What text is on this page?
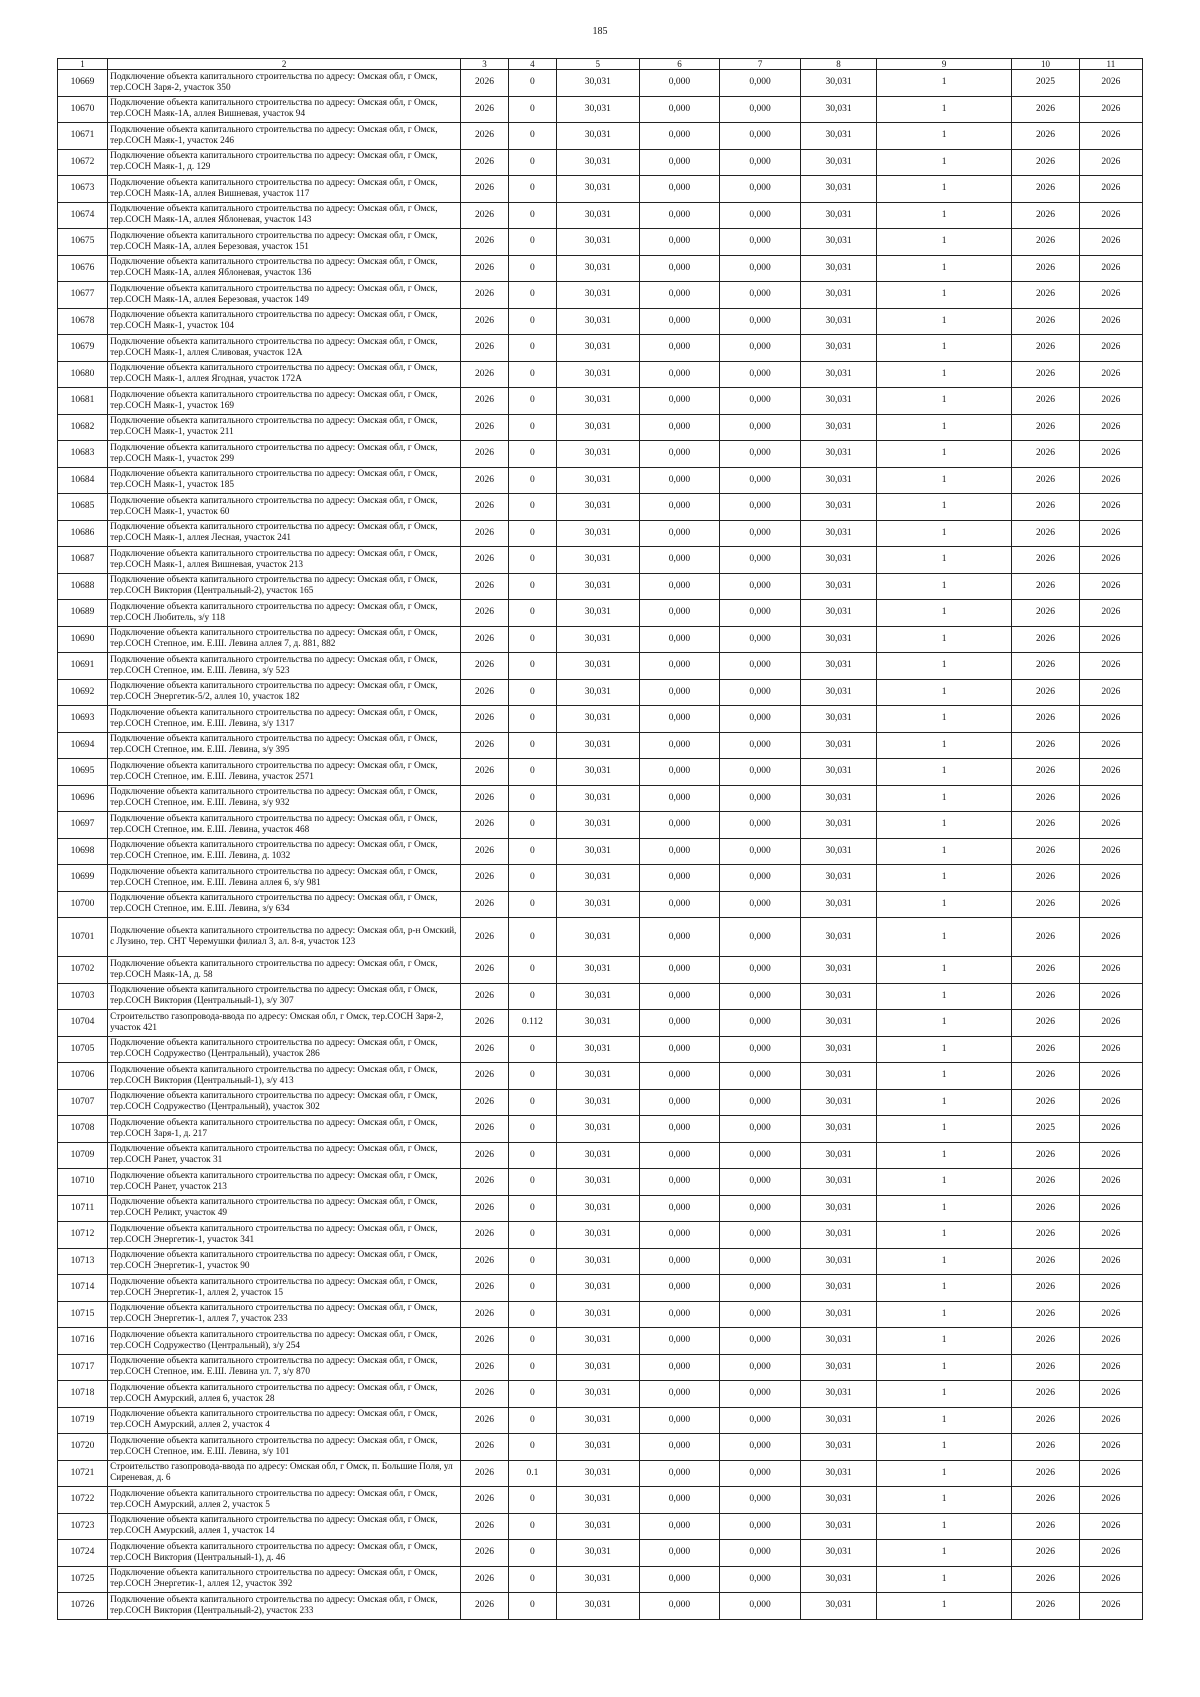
185
1	2	3	4	5	6	7	8	9	10	11
10669	Подключение объекта капитального строительства по адресу: Омская обл, г Омск, тер.СОСН Заря-2, участок 350	2026	0	30,031	0,000	0,000	30,031	1	2025	2026
10670	Подключение объекта капитального строительства по адресу: Омская обл, г Омск, тер.СОСН Маяк-1А, аллея Вишневая, участок 94	2026	0	30,031	0,000	0,000	30,031	1	2026	2026
10671	Подключение объекта капитального строительства по адресу: Омская обл, г Омск, тер.СОСН Маяк-1, участок 246	2026	0	30,031	0,000	0,000	30,031	1	2026	2026
10672	Подключение объекта капитального строительства по адресу: Омская обл, г Омск, тер.СОСН Маяк-1, д. 129	2026	0	30,031	0,000	0,000	30,031	1	2026	2026
10673	Подключение объекта капитального строительства по адресу: Омская обл, г Омск, тер.СОСН Маяк-1А, аллея Вишневая, участок 117	2026	0	30,031	0,000	0,000	30,031	1	2026	2026
10674	Подключение объекта капитального строительства по адресу: Омская обл, г Омск, тер.СОСН Маяк-1А, аллея Яблоневая, участок 143	2026	0	30,031	0,000	0,000	30,031	1	2026	2026
10675	Подключение объекта капитального строительства по адресу: Омская обл, г Омск, тер.СОСН Маяк-1А, аллея Березовая, участок 151	2026	0	30,031	0,000	0,000	30,031	1	2026	2026
10676	Подключение объекта капитального строительства по адресу: Омская обл, г Омск, тер.СОСН Маяк-1А, аллея Яблоневая, участок 136	2026	0	30,031	0,000	0,000	30,031	1	2026	2026
10677	Подключение объекта капитального строительства по адресу: Омская обл, г Омск, тер.СОСН Маяк-1А, аллея Березовая, участок 149	2026	0	30,031	0,000	0,000	30,031	1	2026	2026
10678	Подключение объекта капитального строительства по адресу: Омская обл, г Омск, тер.СОСН Маяк-1, участок 104	2026	0	30,031	0,000	0,000	30,031	1	2026	2026
10679	Подключение объекта капитального строительства по адресу: Омская обл, г Омск, тер.СОСН Маяк-1, аллея Сливовая, участок 12А	2026	0	30,031	0,000	0,000	30,031	1	2026	2026
10680	Подключение объекта капитального строительства по адресу: Омская обл, г Омск, тер.СОСН Маяк-1, аллея Ягодная, участок 172А	2026	0	30,031	0,000	0,000	30,031	1	2026	2026
10681	Подключение объекта капитального строительства по адресу: Омская обл, г Омск, тер.СОСН Маяк-1, участок 169	2026	0	30,031	0,000	0,000	30,031	1	2026	2026
10682	Подключение объекта капитального строительства по адресу: Омская обл, г Омск, тер.СОСН Маяк-1, участок 211	2026	0	30,031	0,000	0,000	30,031	1	2026	2026
10683	Подключение объекта капитального строительства по адресу: Омская обл, г Омск, тер.СОСН Маяк-1, участок 299	2026	0	30,031	0,000	0,000	30,031	1	2026	2026
10684	Подключение объекта капитального строительства по адресу: Омская обл, г Омск, тер.СОСН Маяк-1, участок 185	2026	0	30,031	0,000	0,000	30,031	1	2026	2026
10685	Подключение объекта капитального строительства по адресу: Омская обл, г Омск, тер.СОСН Маяк-1, участок 60	2026	0	30,031	0,000	0,000	30,031	1	2026	2026
10686	Подключение объекта капитального строительства по адресу: Омская обл, г Омск, тер.СОСН Маяк-1, аллея Лесная, участок 241	2026	0	30,031	0,000	0,000	30,031	1	2026	2026
10687	Подключение объекта капитального строительства по адресу: Омская обл, г Омск, тер.СОСН Маяк-1, аллея Вишневая, участок 213	2026	0	30,031	0,000	0,000	30,031	1	2026	2026
10688	Подключение объекта капитального строительства по адресу: Омская обл, г Омск, тер.СОСН Виктория (Центральный-2), участок 165	2026	0	30,031	0,000	0,000	30,031	1	2026	2026
10689	Подключение объекта капитального строительства по адресу: Омская обл, г Омск, тер.СОСН Любитель, з/у 118	2026	0	30,031	0,000	0,000	30,031	1	2026	2026
10690	Подключение объекта капитального строительства по адресу: Омская обл, г Омск, тер.СОСН Степное, им. Е.Ш. Левина аллея 7, д. 881, 882	2026	0	30,031	0,000	0,000	30,031	1	2026	2026
10691	Подключение объекта капитального строительства по адресу: Омская обл, г Омск, тер.СОСН Степное, им. Е.Ш. Левина, з/у 523	2026	0	30,031	0,000	0,000	30,031	1	2026	2026
10692	Подключение объекта капитального строительства по адресу: Омская обл, г Омск, тер.СОСН Энергетик-5/2, аллея 10, участок 182	2026	0	30,031	0,000	0,000	30,031	1	2026	2026
10693	Подключение объекта капитального строительства по адресу: Омская обл, г Омск, тер.СОСН Степное, им. Е.Ш. Левина, з/у 1317	2026	0	30,031	0,000	0,000	30,031	1	2026	2026
10694	Подключение объекта капитального строительства по адресу: Омская обл, г Омск, тер.СОСН Степное, им. Е.Ш. Левина, з/у 395	2026	0	30,031	0,000	0,000	30,031	1	2026	2026
10695	Подключение объекта капитального строительства по адресу: Омская обл, г Омск, тер.СОСН Степное, им. Е.Ш. Левина, участок 2571	2026	0	30,031	0,000	0,000	30,031	1	2026	2026
10696	Подключение объекта капитального строительства по адресу: Омская обл, г Омск, тер.СОСН Степное, им. Е.Ш. Левина, з/у 932	2026	0	30,031	0,000	0,000	30,031	1	2026	2026
10697	Подключение объекта капитального строительства по адресу: Омская обл, г Омск, тер.СОСН Степное, им. Е.Ш. Левина, участок 468	2026	0	30,031	0,000	0,000	30,031	1	2026	2026
10698	Подключение объекта капитального строительства по адресу: Омская обл, г Омск, тер.СОСН Степное, им. Е.Ш. Левина, д. 1032	2026	0	30,031	0,000	0,000	30,031	1	2026	2026
10699	Подключение объекта капитального строительства по адресу: Омская обл, г Омск, тер.СОСН Степное, им. Е.Ш. Левина аллея 6, з/у 981	2026	0	30,031	0,000	0,000	30,031	1	2026	2026
10700	Подключение объекта капитального строительства по адресу: Омская обл, г Омск, тер.СОСН Степное, им. Е.Ш. Левина, з/у 634	2026	0	30,031	0,000	0,000	30,031	1	2026	2026
10701	Подключение объекта капитального строительства по адресу: Омская обл, р-н Омский, с Лузино, тер. СНТ Черемушки филиал 3, ал. 8-я, участок 123	2026	0	30,031	0,000	0,000	30,031	1	2026	2026
10702	Подключение объекта капитального строительства по адресу: Омская обл, г Омск, тер.СОСН Маяк-1А, д. 58	2026	0	30,031	0,000	0,000	30,031	1	2026	2026
10703	Подключение объекта капитального строительства по адресу: Омская обл, г Омск, тер.СОСН Виктория (Центральный-1), з/у 307	2026	0	30,031	0,000	0,000	30,031	1	2026	2026
10704	Строительство газопровода-ввода по адресу: Омская обл, г Омск, тер.СОСН Заря-2, участок 421	2026	0.112	30,031	0,000	0,000	30,031	1	2026	2026
10705	Подключение объекта капитального строительства по адресу: Омская обл, г Омск, тер.СОСН Содружество (Центральный), участок 286	2026	0	30,031	0,000	0,000	30,031	1	2026	2026
10706	Подключение объекта капитального строительства по адресу: Омская обл, г Омск, тер.СОСН Виктория (Центральный-1), з/у 413	2026	0	30,031	0,000	0,000	30,031	1	2026	2026
10707	Подключение объекта капитального строительства по адресу: Омская обл, г Омск, тер.СОСН Содружество (Центральный), участок 302	2026	0	30,031	0,000	0,000	30,031	1	2026	2026
10708	Подключение объекта капитального строительства по адресу: Омская обл, г Омск, тер.СОСН Заря-1, д. 217	2026	0	30,031	0,000	0,000	30,031	1	2025	2026
10709	Подключение объекта капитального строительства по адресу: Омская обл, г Омск, тер.СОСН Ранет, участок 31	2026	0	30,031	0,000	0,000	30,031	1	2026	2026
10710	Подключение объекта капитального строительства по адресу: Омская обл, г Омск, тер.СОСН Ранет, участок 213	2026	0	30,031	0,000	0,000	30,031	1	2026	2026
10711	Подключение объекта капитального строительства по адресу: Омская обл, г Омск, тер.СОСН Реликт, участок 49	2026	0	30,031	0,000	0,000	30,031	1	2026	2026
10712	Подключение объекта капитального строительства по адресу: Омская обл, г Омск, тер.СОСН Энергетик-1, участок 341	2026	0	30,031	0,000	0,000	30,031	1	2026	2026
10713	Подключение объекта капитального строительства по адресу: Омская обл, г Омск, тер.СОСН Энергетик-1, участок 90	2026	0	30,031	0,000	0,000	30,031	1	2026	2026
10714	Подключение объекта капитального строительства по адресу: Омская обл, г Омск, тер.СОСН Энергетик-1, аллея 2, участок 15	2026	0	30,031	0,000	0,000	30,031	1	2026	2026
10715	Подключение объекта капитального строительства по адресу: Омская обл, г Омск, тер.СОСН Энергетик-1, аллея 7, участок 233	2026	0	30,031	0,000	0,000	30,031	1	2026	2026
10716	Подключение объекта капитального строительства по адресу: Омская обл, г Омск, тер.СОСН Содружество (Центральный), з/у 254	2026	0	30,031	0,000	0,000	30,031	1	2026	2026
10717	Подключение объекта капитального строительства по адресу: Омская обл, г Омск, тер.СОСН Степное, им. Е.Ш. Левина ул. 7, з/у 870	2026	0	30,031	0,000	0,000	30,031	1	2026	2026
10718	Подключение объекта капитального строительства по адресу: Омская обл, г Омск, тер.СОСН Амурский, аллея 6, участок 28	2026	0	30,031	0,000	0,000	30,031	1	2026	2026
10719	Подключение объекта капитального строительства по адресу: Омская обл, г Омск, тер.СОСН Амурский, аллея 2, участок 4	2026	0	30,031	0,000	0,000	30,031	1	2026	2026
10720	Подключение объекта капитального строительства по адресу: Омская обл, г Омск, тер.СОСН Степное, им. Е.Ш. Левина, з/у 101	2026	0	30,031	0,000	0,000	30,031	1	2026	2026
10721	Строительство газопровода-ввода по адресу: Омская обл, г Омск, п. Большие Поля, ул Сиреневая, д. 6	2026	0.1	30,031	0,000	0,000	30,031	1	2026	2026
10722	Подключение объекта капитального строительства по адресу: Омская обл, г Омск, тер.СОСН Амурский, аллея 2, участок 5	2026	0	30,031	0,000	0,000	30,031	1	2026	2026
10723	Подключение объекта капитального строительства по адресу: Омская обл, г Омск, тер.СОСН Амурский, аллея 1, участок 14	2026	0	30,031	0,000	0,000	30,031	1	2026	2026
10724	Подключение объекта капитального строительства по адресу: Омская обл, г Омск, тер.СОСН Виктория (Центральный-1), д. 46	2026	0	30,031	0,000	0,000	30,031	1	2026	2026
10725	Подключение объекта капитального строительства по адресу: Омская обл, г Омск, тер.СОСН Энергетик-1, аллея 12, участок 392	2026	0	30,031	0,000	0,000	30,031	1	2026	2026
10726	Подключение объекта капитального строительства по адресу: Омская обл, г Омск, тер.СОСН Виктория (Центральный-2), участок 233	2026	0	30,031	0,000	0,000	30,031	1	2026	2026
